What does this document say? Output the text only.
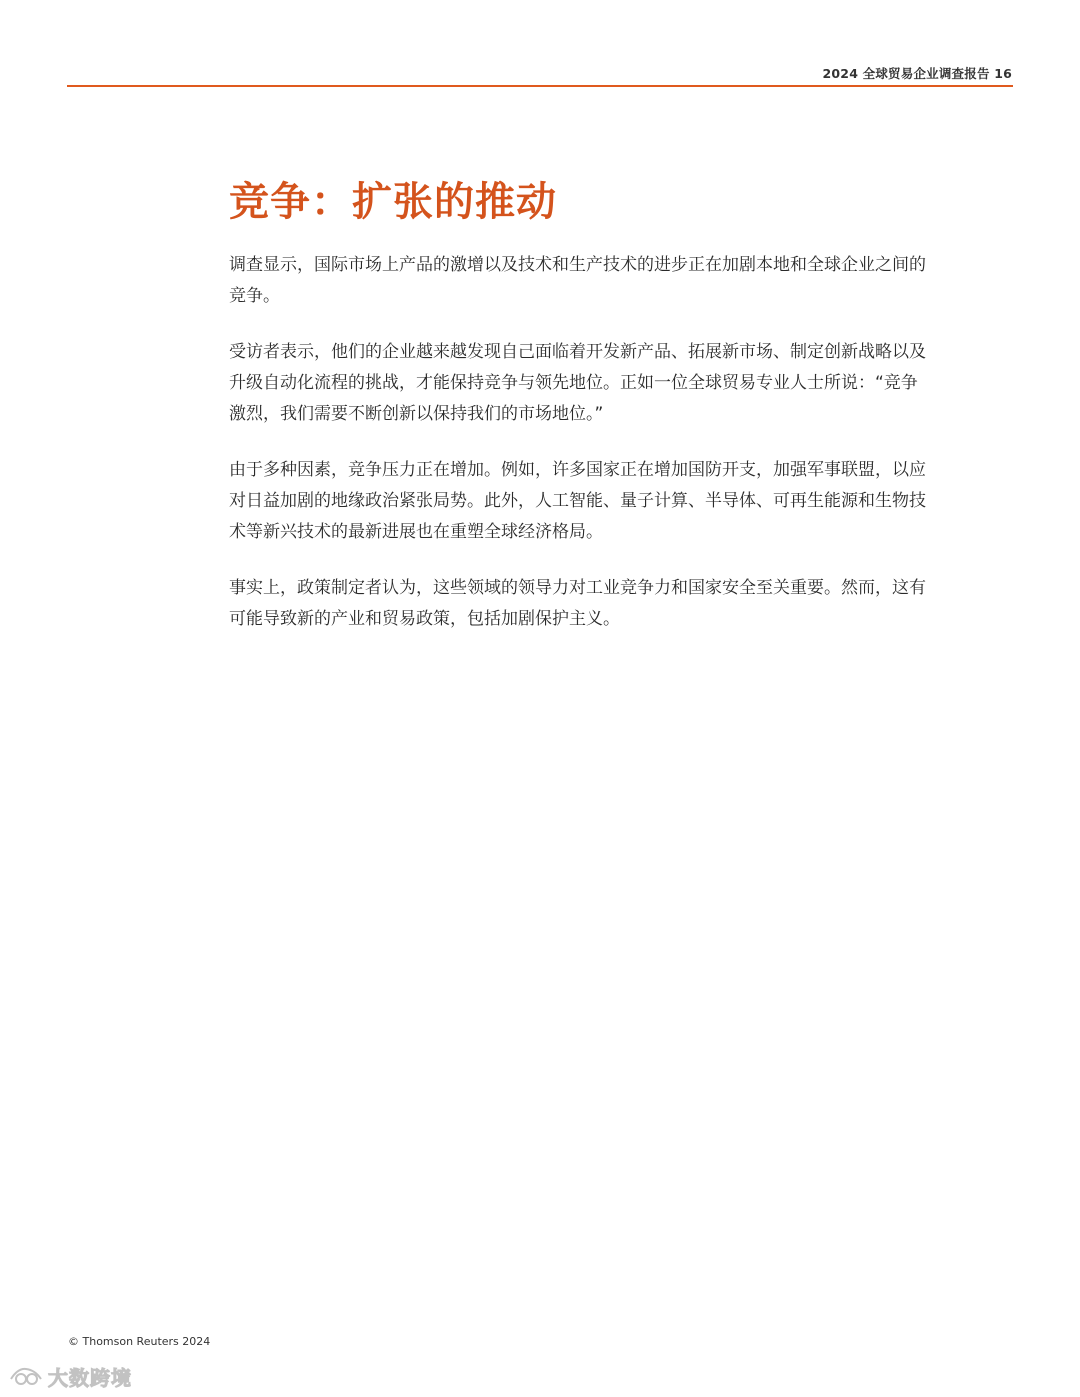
2024 全球贸易企业调查报告 16
竞争：扩张的推动

调查显示，国际市场上产品的激增以及技术和生产技术的进步正在加剧本地和全球企业之间的竞争。

受访者表示，他们的企业越来越发现自己面临着开发新产品、拓展新市场、制定创新战略以及升级自动化流程的挑战，才能保持竞争与领先地位。正如一位全球贸易专业人士所说：“竞争激烈，我们需要不断创新以保持我们的市场地位。”

由于多种因素，竞争压力正在增加。例如，许多国家正在增加国防开支，加强军事联盟，以应对日益加剧的地缘政治紧张局势。此外，人工智能、量子计算、半导体、可再生能源和生物技术等新兴技术的最新进展也在重塑全球经济格局。

事实上，政策制定者认为，这些领域的领导力对工业竞争力和国家安全至关重要。然而，这有可能导致新的产业和贸易政策，包括加剧保护主义。

© Thomson Reuters 2024
大数跨境
